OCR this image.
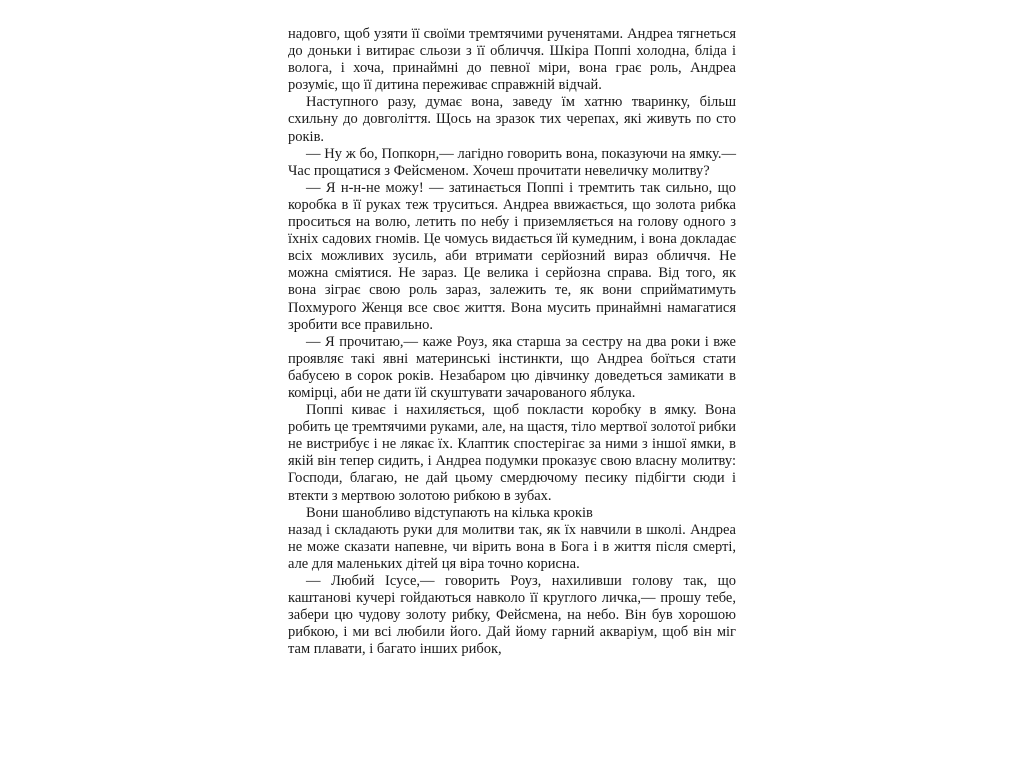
надовго, щоб узяти її своїми тремтячими рученятами. Андреа тягнеться до доньки і витирає сльози з її обличчя. Шкіра Поппі холодна, бліда і волога, і хоча, принаймні до певної міри, вона грає роль, Андреа розуміє, що її дитина переживає справжній відчай.

Наступного разу, думає вона, заведу їм хатню тваринку, більш схильну до довголіття. Щось на зразок тих черепах, які живуть по сто років.

— Ну ж бо, Попкорн,— лагідно говорить вона, показуючи на ямку.— Час прощатися з Фейсменом. Хочеш прочитати невеличку молитву?

— Я н-н-не можу! — затинається Поппі і тремтить так сильно, що коробка в її руках теж труситься. Андреа ввижається, що золота рибка проситься на волю, летить по небу і приземляється на голову одного з їхніх садових гномів. Це чомусь видається їй кумедним, і вона докладає всіх можливих зусиль, аби втримати серйозний вираз обличчя. Не можна сміятися. Не зараз. Це велика і серйозна справа. Від того, як вона зіграє свою роль зараз, залежить те, як вони сприйматимуть Похмурого Женця все своє життя. Вона мусить принаймні намагатися зробити все правильно.

— Я прочитаю,— каже Роуз, яка старша за сестру на два роки і вже проявляє такі явні материнські інстинкти, що Андреа боїться стати бабусею в сорок років. Незабаром цю дівчинку доведеться замикати в комірці, аби не дати їй скуштувати зачарованого яблука.

Поппі киває і нахиляється, щоб покласти коробку в ямку. Вона робить це тремтячими руками, але, на щастя, тіло мертвої золотої рибки не вистрибує і не лякає їх. Клаптик спостерігає за ними з іншої ямки, в якій він тепер сидить, і Андреа подумки проказує свою власну молитву: Господи, благаю, не дай цьому смердючому песику підбігти сюди і втекти з мертвою золотою рибкою в зубах.

Вони шанобливо відступають на кілька кроків

назад і складають руки для молитви так, як їх навчили в школі. Андреа не може сказати напевне, чи вірить вона в Бога і в життя після смерті, але для маленьких дітей ця віра точно корисна.

— Любий Ісусе,— говорить Роуз, нахиливши голову так, що каштанові кучері гойдаються навколо її круглого личка,— прошу тебе, забери цю чудову золоту рибку, Фейсмена, на небо. Він був хорошою рибкою, і ми всі любили його. Дай йому гарний акваріум, щоб він міг там плавати, і багато інших рибок,
